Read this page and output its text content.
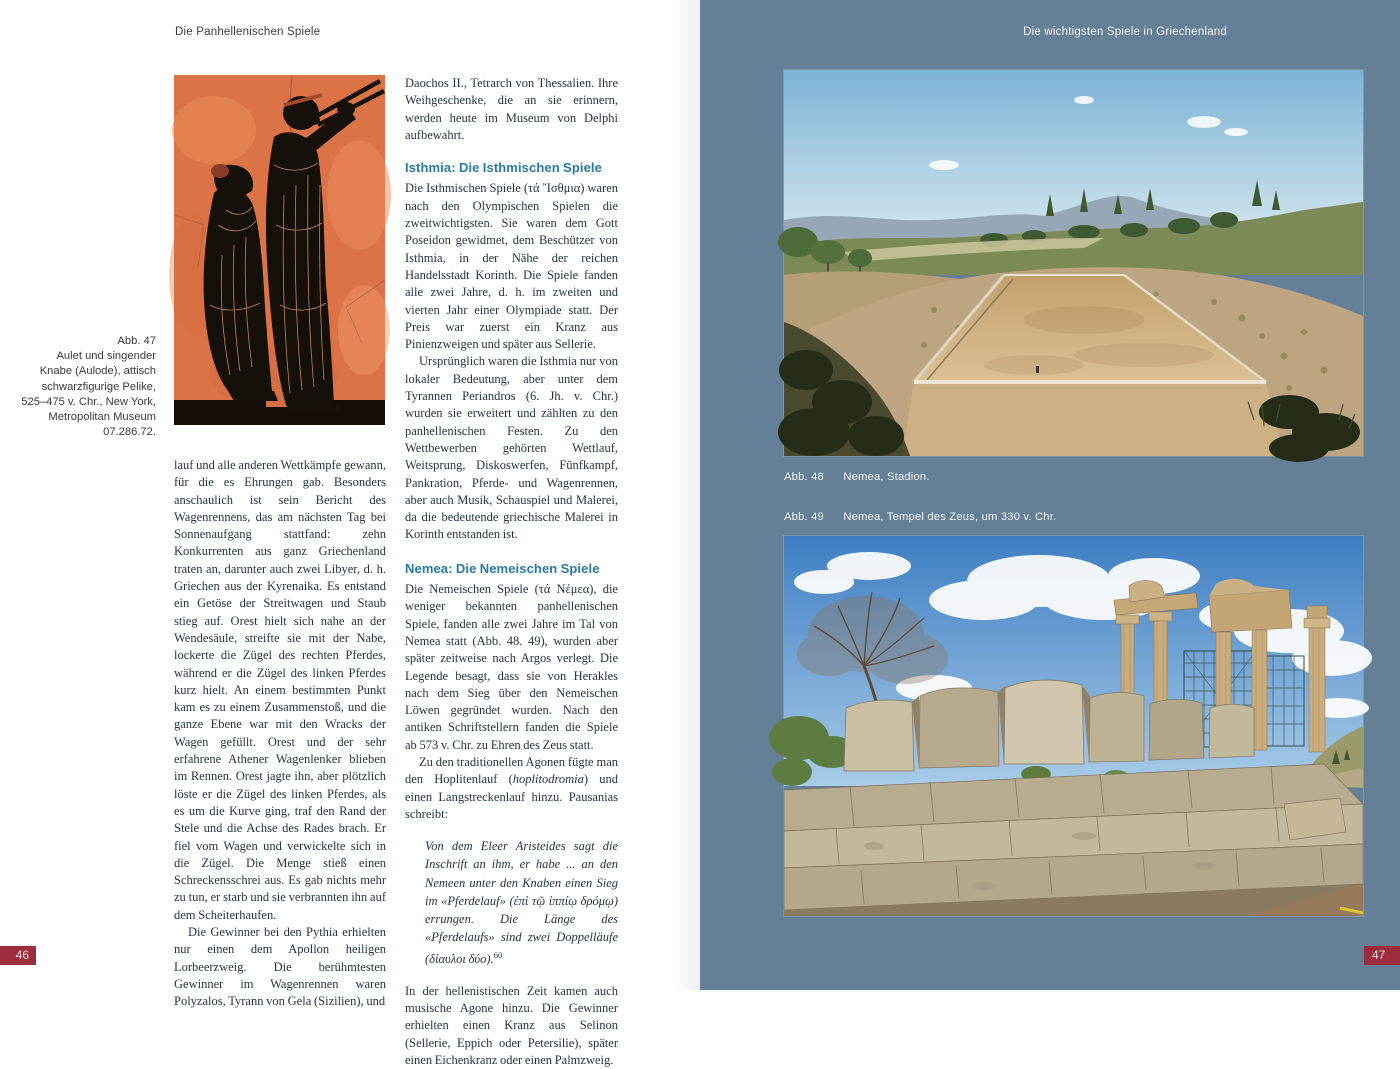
Die Panhellenischen Spiele	Die wichtigsten Spiele in Griechenland
Abb. 47
Aulet und singender
Knabe (Aulode), attisch
schwarzfigurige Pelike,
525–475 v. Chr., New York,
Metropolitan Museum
07.286.72.

lauf und alle anderen Wettkämpfe gewann, für die es Ehrungen gab. Besonders anschaulich ist sein Bericht des Wagenrennens, das am nächsten Tag bei Sonnenaufgang stattfand: zehn Konkurrenten aus ganz Griechenland traten an, darunter auch zwei Libyer, d. h. Griechen aus der Kyrenaika. Es entstand ein Getöse der Streitwagen und Staub stieg auf. Orest hielt sich nahe an der Wendesäule, streifte sie mit der Nabe, lockerte die Zügel des rechten Pferdes, während er die Zügel des linken Pferdes kurz hielt. An einem bestimmten Punkt kam es zu einem Zusammenstoß, und die ganze Ebene war mit den Wracks der Wagen gefüllt. Orest und der sehr erfahrene Athener Wagenlenker blieben im Rennen. Orest jagte ihn, aber plötzlich löste er die Zügel des linken Pferdes, als es um die Kurve ging, traf den Rand der Stele und die Achse des Rades brach. Er fiel vom Wagen und verwickelte sich in die Zügel. Die Menge stieß einen Schreckensschrei aus. Es gab nichts mehr zu tun, er starb und sie verbrannten ihn auf dem Scheiterhaufen.

Die Gewinner bei den Pythia erhielten nur einen dem Apollon heiligen Lorbeerzweig. Die berühmtesten Gewinner im Wagenrennen waren Polyzalos, Tyrann von Gela (Sizilien), und

Daochos II., Tetrarch von Thessalien. Ihre Weihgeschenke, die an sie erinnern, werden heute im Museum von Delphi aufbewahrt.

Isthmia: Die Isthmischen Spiele

Die Isthmischen Spiele (τά ῎Ισθμια) waren nach den Olympischen Spielen die zweitwichtigsten. Sie waren dem Gott Poseidon gewidmet, dem Beschützer von Isthmia, in der Nähe der reichen Handelsstadt Korinth. Die Spiele fanden alle zwei Jahre, d. h. im zweiten und vierten Jahr einer Olympiade statt. Der Preis war zuerst ein Kranz aus Pinienzweigen und später aus Sellerie.

Ursprünglich waren die Isthmia nur von lokaler Bedeutung, aber unter dem Tyrannen Periandros (6. Jh. v. Chr.) wurden sie erweitert und zählten zu den panhellenischen Festen. Zu den Wettbewerben gehörten Wettlauf, Weitsprung, Diskoswerfen, Fünfkampf, Pankration, Pferde- und Wagenrennen, aber auch Musik, Schauspiel und Malerei, da die bedeutende griechische Malerei in Korinth entstanden ist.

Nemea: Die Nemeischen Spiele

Die Nemeischen Spiele (τά Νέμεα), die weniger bekannten panhellenischen Spiele, fanden alle zwei Jahre im Tal von Nemea statt (Abb. 48. 49), wurden aber später zeitweise nach Argos verlegt. Die Legende besagt, dass sie von Herakles nach dem Sieg über den Nemeischen Löwen gegründet wurden. Nach den antiken Schriftstellern fanden die Spiele ab 573 v. Chr. zu Ehren des Zeus statt.

Zu den traditionellen Agonen fügte man den Hoplitenlauf (hoplitodromia) und einen Langstreckenlauf hinzu. Pausanias schreibt:

Von dem Eleer Aristeides sagt die Inschrift an ihm, er habe ... an den Nemeen unter den Knaben einen Sieg im «Pferdelauf» (ἐπὶ τῷ ἱππίῳ δρόμῳ) errungen. Die Länge des «Pferdelaufs» sind zwei Doppelläufe (δίαυλοι δύο).$^{60}$

In der hellenistischen Zeit kamen auch musische Agone hinzu. Die Gewinner erhielten einen Kranz aus Selinon (Sellerie, Eppich oder Petersilie), später einen Eichenkranz oder einen Palmzweig.

Abb. 48 Nemea, Stadion.
Abb. 49 Nemea, Tempel des Zeus, um 330 v. Chr.
46	47
